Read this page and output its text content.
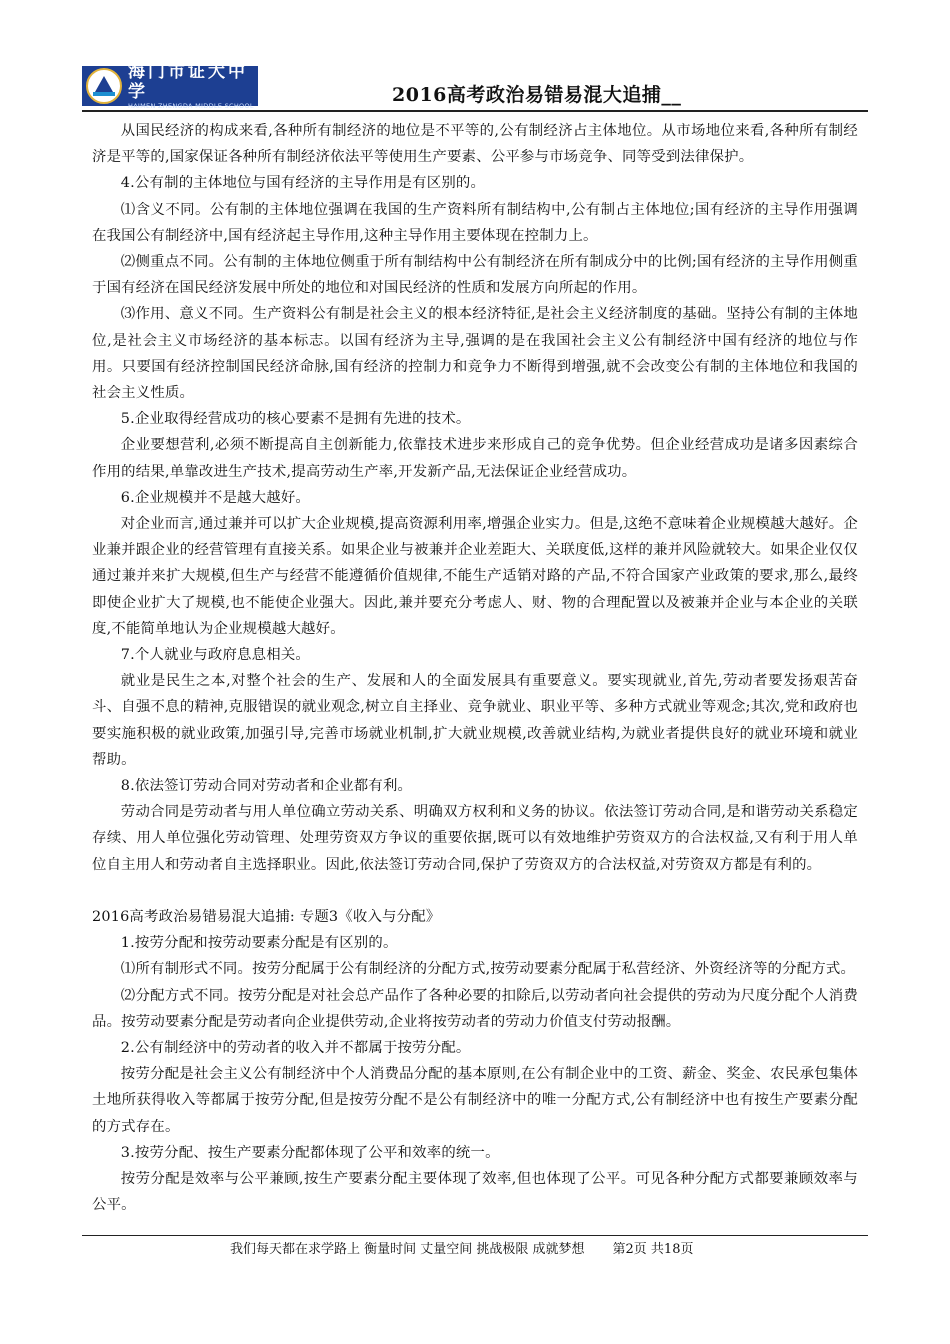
海门市证大中学
HAIMEN ZHENGDA MIDDLE SCHOOL	2016高考政治易错易混大追捕__

从国民经济的构成来看,各种所有制经济的地位是不平等的,公有制经济占主体地位。从市场地位来看,各种所有制经济是平等的,国家保证各种所有制经济依法平等使用生产要素、公平参与市场竞争、同等受到法律保护。

4.公有制的主体地位与国有经济的主导作用是有区别的。

⑴含义不同。公有制的主体地位强调在我国的生产资料所有制结构中,公有制占主体地位;国有经济的主导作用强调在我国公有制经济中,国有经济起主导作用,这种主导作用主要体现在控制力上。

⑵侧重点不同。公有制的主体地位侧重于所有制结构中公有制经济在所有制成分中的比例;国有经济的主导作用侧重于国有经济在国民经济发展中所处的地位和对国民经济的性质和发展方向所起的作用。

⑶作用、意义不同。生产资料公有制是社会主义的根本经济特征,是社会主义经济制度的基础。坚持公有制的主体地位,是社会主义市场经济的基本标志。以国有经济为主导,强调的是在我国社会主义公有制经济中国有经济的地位与作用。只要国有经济控制国民经济命脉,国有经济的控制力和竞争力不断得到增强,就不会改变公有制的主体地位和我国的社会主义性质。

5.企业取得经营成功的核心要素不是拥有先进的技术。

企业要想营利,必须不断提高自主创新能力,依靠技术进步来形成自己的竞争优势。但企业经营成功是诸多因素综合作用的结果,单靠改进生产技术,提高劳动生产率,开发新产品,无法保证企业经营成功。

6.企业规模并不是越大越好。

对企业而言,通过兼并可以扩大企业规模,提高资源利用率,增强企业实力。但是,这绝不意味着企业规模越大越好。企业兼并跟企业的经营管理有直接关系。如果企业与被兼并企业差距大、关联度低,这样的兼并风险就较大。如果企业仅仅通过兼并来扩大规模,但生产与经营不能遵循价值规律,不能生产适销对路的产品,不符合国家产业政策的要求,那么,最终即使企业扩大了规模,也不能使企业强大。因此,兼并要充分考虑人、财、物的合理配置以及被兼并企业与本企业的关联度,不能简单地认为企业规模越大越好。

7.个人就业与政府息息相关。

就业是民生之本,对整个社会的生产、发展和人的全面发展具有重要意义。要实现就业,首先,劳动者要发扬艰苦奋斗、自强不息的精神,克服错误的就业观念,树立自主择业、竞争就业、职业平等、多种方式就业等观念;其次,党和政府也要实施积极的就业政策,加强引导,完善市场就业机制,扩大就业规模,改善就业结构,为就业者提供良好的就业环境和就业帮助。

8.依法签订劳动合同对劳动者和企业都有利。

劳动合同是劳动者与用人单位确立劳动关系、明确双方权利和义务的协议。依法签订劳动合同,是和谐劳动关系稳定存续、用人单位强化劳动管理、处理劳资双方争议的重要依据,既可以有效地维护劳资双方的合法权益,又有利于用人单位自主用人和劳动者自主选择职业。因此,依法签订劳动合同,保护了劳资双方的合法权益,对劳资双方都是有利的。

2016高考政治易错易混大追捕: 专题3《收入与分配》

1.按劳分配和按劳动要素分配是有区别的。

⑴所有制形式不同。按劳分配属于公有制经济的分配方式,按劳动要素分配属于私营经济、外资经济等的分配方式。

⑵分配方式不同。按劳分配是对社会总产品作了各种必要的扣除后,以劳动者向社会提供的劳动为尺度分配个人消费品。按劳动要素分配是劳动者向企业提供劳动,企业将按劳动者的劳动力价值支付劳动报酬。

2.公有制经济中的劳动者的收入并不都属于按劳分配。

按劳分配是社会主义公有制经济中个人消费品分配的基本原则,在公有制企业中的工资、薪金、奖金、农民承包集体土地所获得收入等都属于按劳分配,但是按劳分配不是公有制经济中的唯一分配方式,公有制经济中也有按生产要素分配的方式存在。

3.按劳分配、按生产要素分配都体现了公平和效率的统一。

按劳分配是效率与公平兼顾,按生产要素分配主要体现了效率,但也体现了公平。可见各种分配方式都要兼顾效率与公平。

我们每天都在求学路上 衡量时间 丈量空间 挑战极限 成就梦想 第2页 共18页
